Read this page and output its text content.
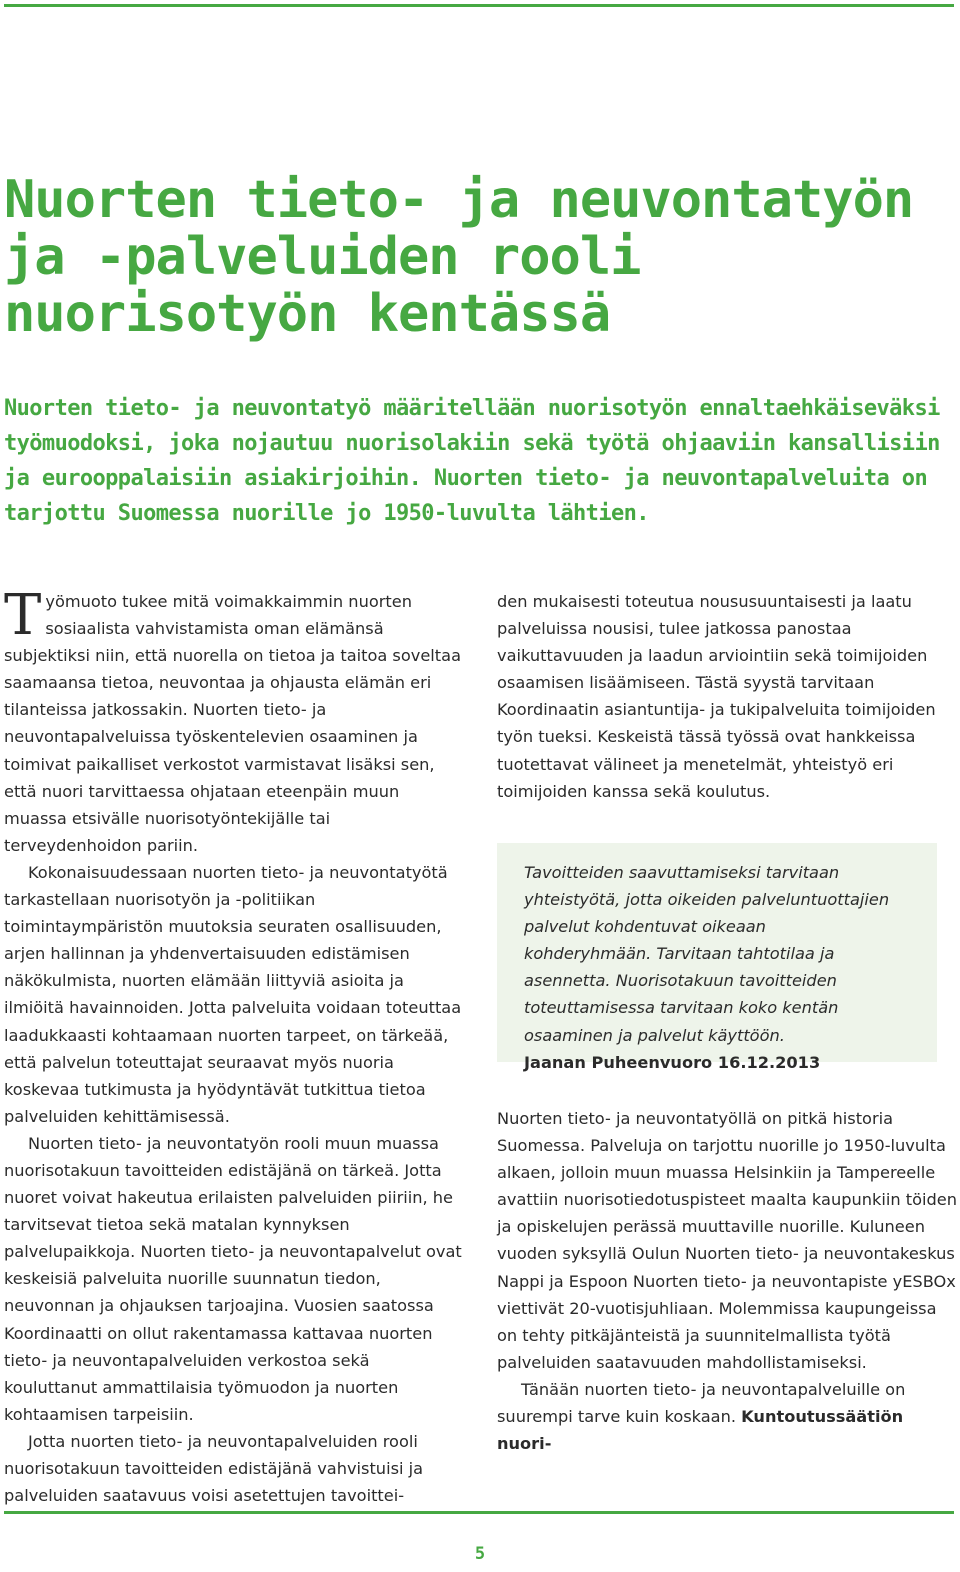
Nuorten tieto- ja neuvontatyön ja -palveluiden rooli nuorisotyön kentässä

Nuorten tieto- ja neuvontatyö määritellään nuorisotyön ennaltaehkäiseväksi työmuodoksi, joka nojautuu nuorisolakiin sekä työtä ohjaaviin kansallisiin ja eurooppalaisiin asiakirjoihin. Nuorten tieto- ja neuvontapalveluita on tarjottu Suomessa nuorille jo 1950-luvulta lähtien.

Työmuoto tukee mitä voimakkaimmin nuorten sosiaalista vahvistamista oman elämänsä subjektiksi niin, että nuorella on tietoa ja taitoa soveltaa saamaansa tietoa, neuvontaa ja ohjausta elämän eri tilanteissa jatkossakin. Nuorten tieto- ja neuvontapalveluissa työskentelevien osaaminen ja toimivat paikalliset verkostot varmistavat lisäksi sen, että nuori tarvittaessa ohjataan eteenpäin muun muassa etsivälle nuorisotyöntekijälle tai terveydenhoidon pariin.

Kokonaisuudessaan nuorten tieto- ja neuvontatyötä tarkastellaan nuorisotyön ja -politiikan toimintaympäristön muutoksia seuraten osallisuuden, arjen hallinnan ja yhdenvertaisuuden edistämisen näkökulmista, nuorten elämään liittyviä asioita ja ilmiöitä havainnoiden. Jotta palveluita voidaan toteuttaa laadukkaasti kohtaamaan nuorten tarpeet, on tärkeää, että palvelun toteuttajat seuraavat myös nuoria koskevaa tutkimusta ja hyödyntävät tutkittua tietoa palveluiden kehittämisessä.

Nuorten tieto- ja neuvontatyön rooli muun muassa nuorisotakuun tavoitteiden edistäjänä on tärkeä. Jotta nuoret voivat hakeutua erilaisten palveluiden piiriin, he tarvitsevat tietoa sekä matalan kynnyksen palvelupaikkoja. Nuorten tieto- ja neuvontapalvelut ovat keskeisiä palveluita nuorille suunnatun tiedon, neuvonnan ja ohjauksen tarjoajina. Vuosien saatossa Koordinaatti on ollut rakentamassa kattavaa nuorten tieto- ja neuvontapalveluiden verkostoa sekä kouluttanut ammattilaisia työmuodon ja nuorten kohtaamisen tarpeisiin.

Jotta nuorten tieto- ja neuvontapalveluiden rooli nuorisotakuun tavoitteiden edistäjänä vahvistuisi ja palveluiden saatavuus voisi asetettujen tavoittei-

den mukaisesti toteutua noususuuntaisesti ja laatu palveluissa nousisi, tulee jatkossa panostaa vaikuttavuuden ja laadun arviointiin sekä toimijoiden osaamisen lisäämiseen. Tästä syystä tarvitaan Koordinaatin asiantuntija- ja tukipalveluita toimijoiden työn tueksi. Keskeistä tässä työssä ovat hankkeissa tuotettavat välineet ja menetelmät, yhteistyö eri toimijoiden kanssa sekä koulutus.

Tavoitteiden saavuttamiseksi tarvitaan yhteistyötä, jotta oikeiden palveluntuottajien palvelut kohdentuvat oikeaan kohderyhmään. Tarvitaan tahtotilaa ja asennetta. Nuorisotakuun tavoitteiden toteuttamisessa tarvitaan koko kentän osaaminen ja palvelut käyttöön.

Jaanan Puheenvuoro 16.12.2013

Nuorten tieto- ja neuvontatyöllä on pitkä historia Suomessa. Palveluja on tarjottu nuorille jo 1950-luvulta alkaen, jolloin muun muassa Helsinkiin ja Tampereelle avattiin nuorisotiedotuspisteet maalta kaupunkiin töiden ja opiskelujen perässä muuttaville nuorille. Kuluneen vuoden syksyllä Oulun Nuorten tieto- ja neuvontakeskus Nappi ja Espoon Nuorten tieto- ja neuvontapiste yESBOx viettivät 20-vuotisjuhliaan. Molemmissa kaupungeissa on tehty pitkäjänteistä ja suunnitelmallista työtä palveluiden saatavuuden mahdollistamiseksi.

Tänään nuorten tieto- ja neuvontapalveluille on suurempi tarve kuin koskaan. Kuntoutussäätiön nuori-

5
